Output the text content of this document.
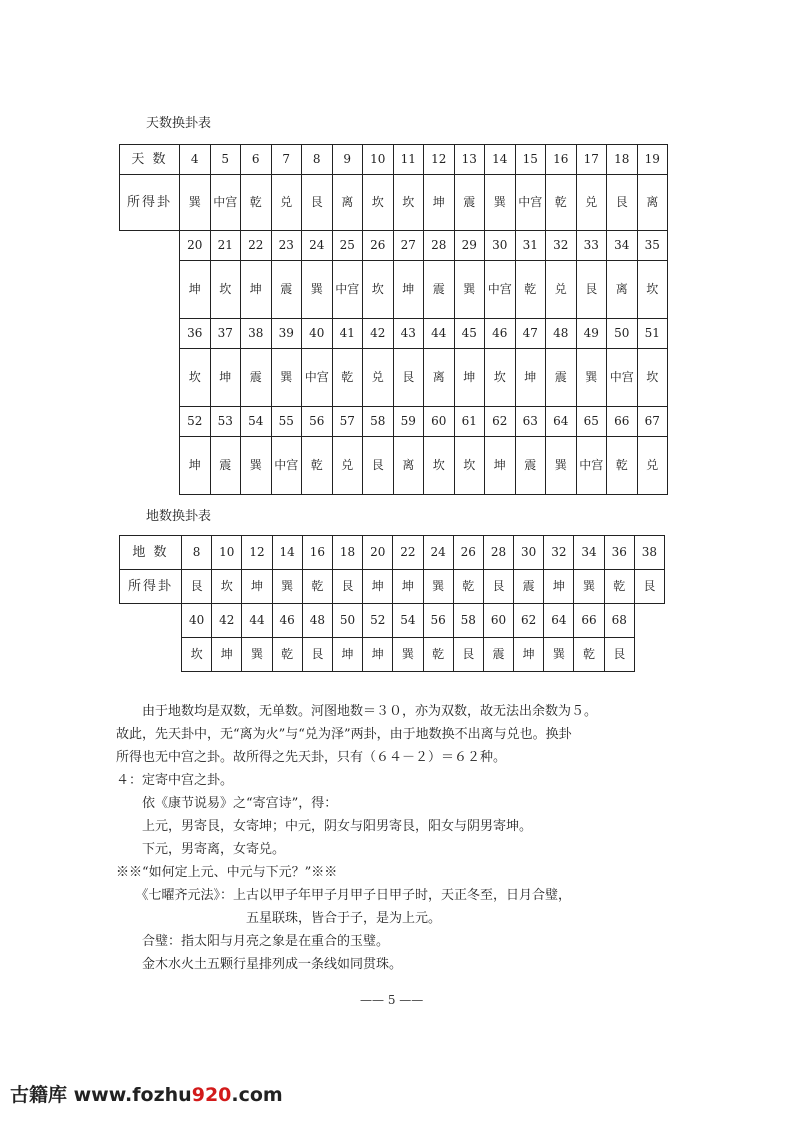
天数换卦表
天 数	4	5	6	7	8	9	10	11	12	13	14	15	16	17	18	19
所得卦	巽	中宫	乾	兑	艮	离	坎	坎	坤	震	巽	中宫	乾	兑	艮	离
	20	21	22	23	24	25	26	27	28	29	30	31	32	33	34	35
	坤	坎	坤	震	巽	中宫	坎	坤	震	巽	中宫	乾	兑	艮	离	坎
	36	37	38	39	40	41	42	43	44	45	46	47	48	49	50	51
	坎	坤	震	巽	中宫	乾	兑	艮	离	坤	坎	坤	震	巽	中宫	坎
	52	53	54	55	56	57	58	59	60	61	62	63	64	65	66	67
	坤	震	巽	中宫	乾	兑	艮	离	坎	坎	坤	震	巽	中宫	乾	兑
地数换卦表
地 数	8	10	12	14	16	18	20	22	24	26	28	30	32	34	36	38
所得卦	艮	坎	坤	巽	乾	艮	坤	坤	巽	乾	艮	震	坤	巽	乾	艮
	40	42	44	46	48	50	52	54	56	58	60	62	64	66	68	
	坎	坤	巽	乾	艮	坤	坤	巽	乾	艮	震	坤	巽	乾	艮	
　　由于地数均是双数，无单数。河图地数＝３０，亦为双数，故无法出余数为５。
故此，先天卦中，无“离为火”与“兑为泽”两卦，由于地数换不出离与兑也。换卦
所得也无中宫之卦。故所得之先天卦，只有（６４－２）＝６２种。
４：定寄中宫之卦。
　　依《康节说易》之“寄宫诗”，得：
　　上元，男寄艮，女寄坤；中元，阴女与阳男寄艮，阳女与阴男寄坤。
　　下元，男寄离，女寄兑。
※※“如何定上元、中元与下元？”※※
　　《七曜齐元法》：上古以甲子年甲子月甲子日甲子时，天正冬至，日月合璧，
　　　　　　　　　　五星联珠，皆合于子，是为上元。
　　合璧：指太阳与月亮之象是在重合的玉璧。
　　金木水火土五颗行星排列成一条线如同贯珠。
—— 5 ——
古籍库 www.fozhu920.com
